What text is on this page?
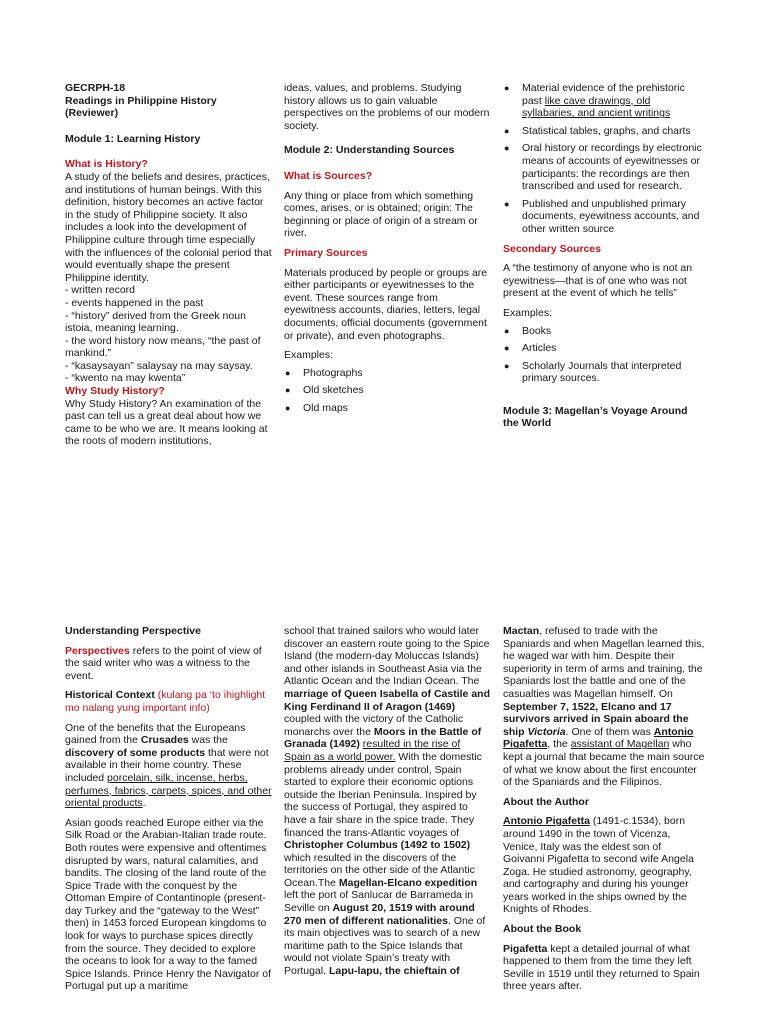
GECRPH-18

Readings in Philippine History

(Reviewer)

Module 1: Learning History

What is History?

A study of the beliefs and desires, practices, and institutions of human beings. With this definition, history becomes an active factor in the study of Philippine society. It also includes a look into the development of Philippine culture through time especially with the influences of the colonial period that would eventually shape the present Philippine identity.

- written record

- events happened in the past

- “history” derived from the Greek noun istoia, meaning learning.

- the word history now means, “the past of mankind.”

- “kasaysayan” salaysay na may saysay.

- “kwento na may kwenta”

Why Study History?

Why Study History? An examination of the past can tell us a great deal about how we came to be who we are. It means looking at the roots of modern institutions,

ideas, values, and problems. Studying history allows us to gain valuable perspectives on the problems of our modern society.

Module 2: Understanding Sources

What is Sources?

Any thing or place from which something comes, arises, or is obtained; origin: The beginning or place of origin of a stream or river.

Primary Sources

Materials produced by people or groups are either participants or eyewitnesses to the event. These sources range from eyewitness accounts, diaries, letters, legal documents, official documents (government or private), and even photographs.

Examples:

● Photographs
● Old sketches
● Old maps
● Material evidence of the prehistoric past like cave drawings, old syllabaries, and ancient writings
● Statistical tables, graphs, and charts
● Oral history or recordings by electronic means of accounts of eyewitnesses or participants: the recordings are then transcribed and used for research.
● Published and unpublished primary documents, eyewitness accounts, and other written source

Secondary Sources

A “the testimony of anyone who is not an eyewitness—that is of one who was not present at the event of which he tells”

Examples:

● Books
● Articles
● Scholarly Journals that interpreted primary sources.

Module 3: Magellan’s Voyage Around the World

Understanding Perspective

Perspectives refers to the point of view of the said writer who was a witness to the event.

Historical Context (kulang pa ‘to ihighlight mo nalang yung important info)

One of the benefits that the Europeans gained from the Crusades was the discovery of some products that were not available in their home country. These included porcelain, silk, incense, herbs, perfumes, fabrics, carpets, spices, and other oriental products.

Asian goods reached Europe either via the Silk Road or the Arabian-Italian trade route. Both routes were expensive and oftentimes disrupted by wars, natural calamities, and bandits. The closing of the land route of the Spice Trade with the conquest by the Ottoman Empire of Contantinople (present-day Turkey and the “gateway to the West” then) in 1453 forced European kingdoms to look for ways to purchase spices directly from the source. They decided to explore the oceans to look for a way to the famed Spice Islands. Prince Henry the Navigator of Portugal put up a maritime

school that trained sailors who would later discover an eastern route going to the Spice Island (the modern-day Moluccas Islands) and other islands in Southeast Asia via the Atlantic Ocean and the Indian Ocean. The marriage of Queen Isabella of Castile and King Ferdinand II of Aragon (1469) coupled with the victory of the Catholic monarchs over the Moors in the Battle of Granada (1492) resulted in the rise of Spain as a world power. With the domestic problems already under control, Spain started to explore their economic options outside the Iberian Peninsula. Inspired by the success of Portugal, they aspired to have a fair share in the spice trade. They financed the trans-Atlantic voyages of Christopher Columbus (1492 to 1502) which resulted in the discovers of the territories on the other side of the Atlantic Ocean.The Magellan-Elcano expedition left the port of Sanlucar de Barrameda in Seville on August 20, 1519 with around 270 men of different nationalities. One of its main objectives was to search of a new maritime path to the Spice Islands that would not violate Spain’s treaty with Portugal. Lapu-lapu, the chieftain of

Mactan, refused to trade with the Spaniards and when Magellan learned this, he waged war with him. Despite their superiority in term of arms and training, the Spaniards lost the battle and one of the casualties was Magellan himself. On September 7, 1522, Elcano and 17 survivors arrived in Spain aboard the ship Victoria. One of them was Antonio Pigafetta, the assistant of Magellan who kept a journal that became the main source of what we know about the first encounter of the Spaniards and the Filipinos.

About the Author

Antonio Pigafetta (1491-c.1534), born around 1490 in the town of Vicenza, Venice, Italy was the eldest son of Goivanni Pigafetta to second wife Angela Zoga. He studied astronomy, geography, and cartography and during his younger years worked in the ships owned by the Knights of Rhodes.

About the Book

Pigafetta kept a detailed journal of what happened to them from the time they left Seville in 1519 until they returned to Spain three years after.
